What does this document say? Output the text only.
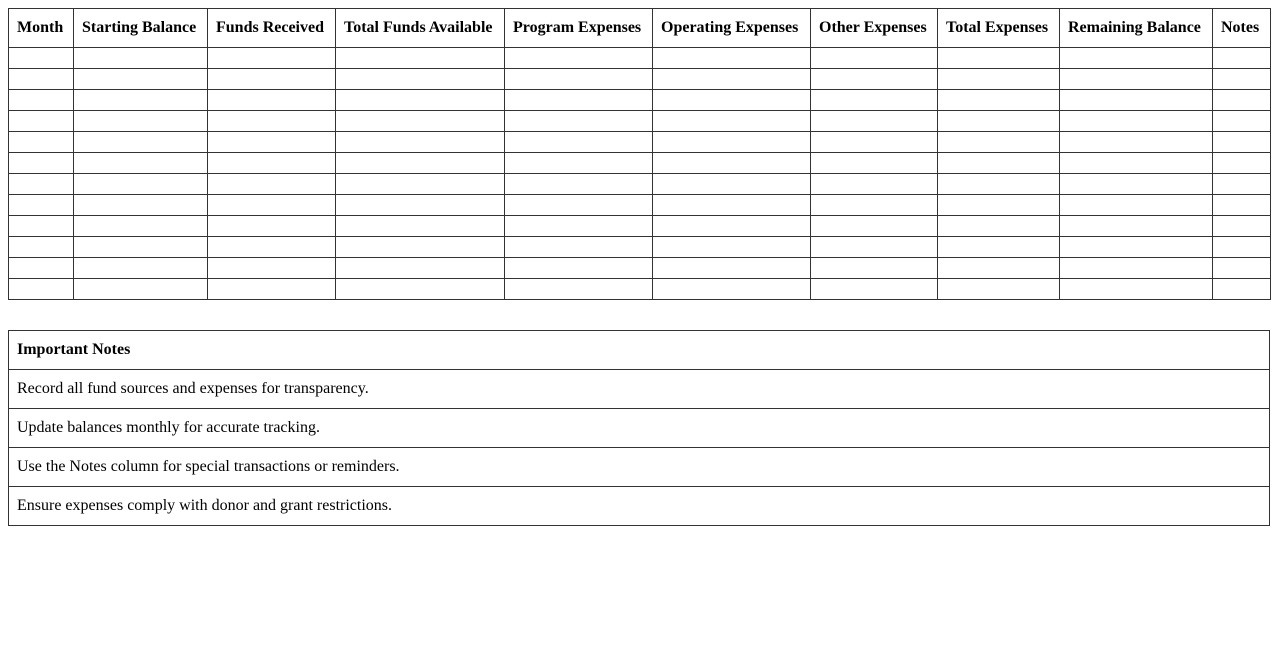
Month	Starting Balance	Funds Received	Total Funds Available	Program Expenses	Operating Expenses	Other Expenses	Total Expenses	Remaining Balance	Notes

Important Notes
Record all fund sources and expenses for transparency.
Update balances monthly for accurate tracking.
Use the Notes column for special transactions or reminders.
Ensure expenses comply with donor and grant restrictions.
